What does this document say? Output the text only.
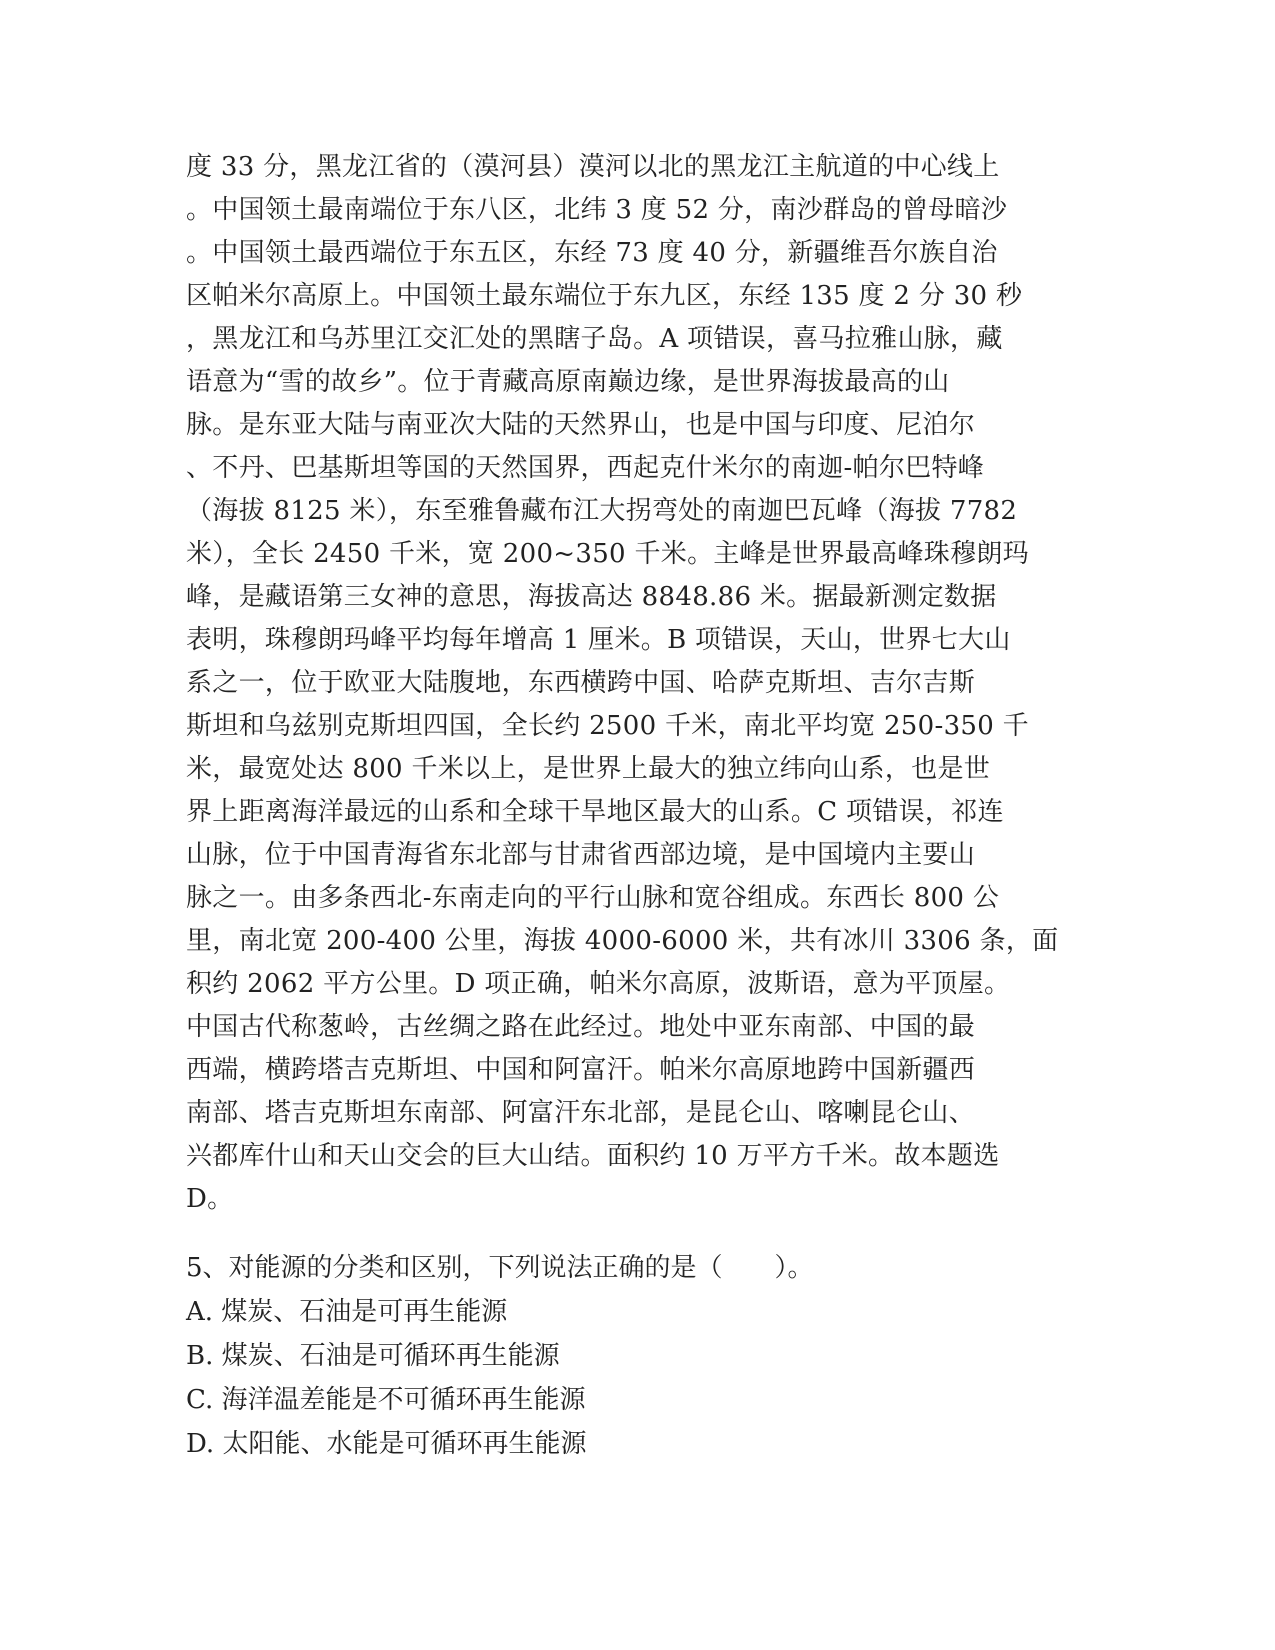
度 33 分，黑龙江省的（漠河县）漠河以北的黑龙江主航道的中心线上
。中国领土最南端位于东八区，北纬 3 度 52 分，南沙群岛的曾母暗沙
。中国领土最西端位于东五区，东经 73 度 40 分，新疆维吾尔族自治
区帕米尔高原上。中国领土最东端位于东九区，东经 135 度 2 分 30 秒
，黑龙江和乌苏里江交汇处的黑瞎子岛。A 项错误，喜马拉雅山脉，藏
语意为“雪的故乡”。位于青藏高原南巅边缘，是世界海拔最高的山
脉。是东亚大陆与南亚次大陆的天然界山，也是中国与印度、尼泊尔
、不丹、巴基斯坦等国的天然国界，西起克什米尔的南迦-帕尔巴特峰
（海拔 8125 米），东至雅鲁藏布江大拐弯处的南迦巴瓦峰（海拔 7782
米），全长 2450 千米，宽 200~350 千米。主峰是世界最高峰珠穆朗玛
峰，是藏语第三女神的意思，海拔高达 8848.86 米。据最新测定数据
表明，珠穆朗玛峰平均每年增高 1 厘米。B 项错误，天山，世界七大山
系之一，位于欧亚大陆腹地，东西横跨中国、哈萨克斯坦、吉尔吉斯
斯坦和乌兹别克斯坦四国，全长约 2500 千米，南北平均宽 250-350 千
米，最宽处达 800 千米以上，是世界上最大的独立纬向山系，也是世
界上距离海洋最远的山系和全球干旱地区最大的山系。C 项错误，祁连
山脉，位于中国青海省东北部与甘肃省西部边境，是中国境内主要山
脉之一。由多条西北-东南走向的平行山脉和宽谷组成。东西长 800 公
里，南北宽 200-400 公里，海拔 4000-6000 米，共有冰川 3306 条，面
积约 2062 平方公里。D 项正确，帕米尔高原，波斯语，意为平顶屋。
中国古代称葱岭，古丝绸之路在此经过。地处中亚东南部、中国的最
西端，横跨塔吉克斯坦、中国和阿富汗。帕米尔高原地跨中国新疆西
南部、塔吉克斯坦东南部、阿富汗东北部，是昆仑山、喀喇昆仑山、
兴都库什山和天山交会的巨大山结。面积约 10 万平方千米。故本题选
D。
5、对能源的分类和区别，下列说法正确的是（　　）。
A. 煤炭、石油是可再生能源
B. 煤炭、石油是可循环再生能源
C. 海洋温差能是不可循环再生能源
D. 太阳能、水能是可循环再生能源
